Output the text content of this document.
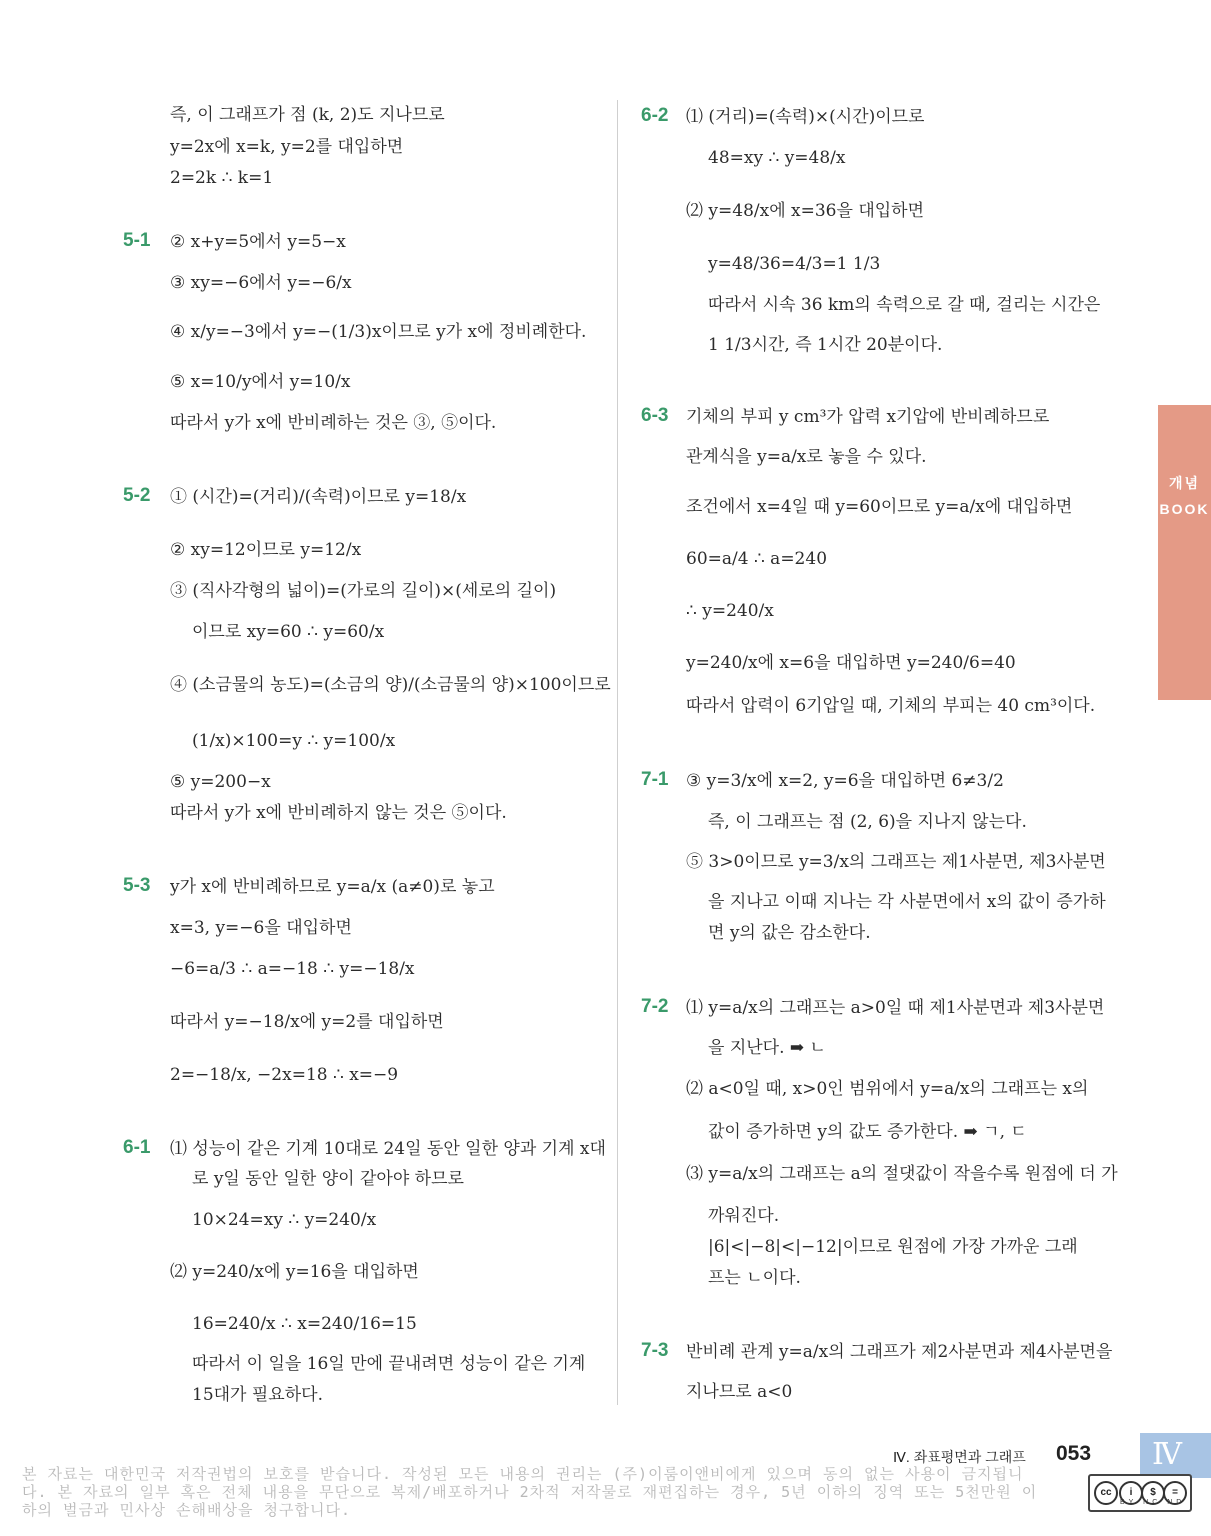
즉, 이 그래프가 점 (k, 2)도 지나므로
y=2x에 x=k, y=2를 대입하면
2=2k ∴ k=1
5-1 ② x+y=5에서 y=5−x
③ xy=−6에서 y=−6/x
④ x/y=−3에서 y=−(1/3)x이므로 y가 x에 정비례한다.
⑤ x=10/y에서 y=10/x
따라서 y가 x에 반비례하는 것은 ③, ⑤이다.
5-2 ① (시간)=(거리)/(속력)이므로 y=18/x
② xy=12이므로 y=12/x
③ (직사각형의 넓이)=(가로의 길이)×(세로의 길이)
이므로 xy=60 ∴ y=60/x
④ (소금물의 농도)=(소금의 양)/(소금물의 양)×100이므로
(1/x)×100=y ∴ y=100/x
⑤ y=200−x
따라서 y가 x에 반비례하지 않는 것은 ⑤이다.
5-3 y가 x에 반비례하므로 y=a/x (a≠0)로 놓고
x=3, y=−6을 대입하면
−6=a/3 ∴ a=−18 ∴ y=−18/x
따라서 y=−18/x에 y=2를 대입하면
2=−18/x, −2x=18 ∴ x=−9
6-1 ⑴ 성능이 같은 기계 10대로 24일 동안 일한 양과 기계 x대
로 y일 동안 일한 양이 같아야 하므로
10×24=xy ∴ y=240/x
⑵ y=240/x에 y=16을 대입하면
16=240/x ∴ x=240/16=15
따라서 이 일을 16일 만에 끝내려면 성능이 같은 기계
15대가 필요하다.
6-2 ⑴ (거리)=(속력)×(시간)이므로
48=xy ∴ y=48/x
⑵ y=48/x에 x=36을 대입하면
y=48/36=4/3=1 1/3
따라서 시속 36 km의 속력으로 갈 때, 걸리는 시간은
1 1/3시간, 즉 1시간 20분이다.
6-3 기체의 부피 y cm³가 압력 x기압에 반비례하므로
관계식을 y=a/x로 놓을 수 있다.
조건에서 x=4일 때 y=60이므로 y=a/x에 대입하면
60=a/4 ∴ a=240
∴ y=240/x
y=240/x에 x=6을 대입하면 y=240/6=40
따라서 압력이 6기압일 때, 기체의 부피는 40 cm³이다.
7-1 ③ y=3/x에 x=2, y=6을 대입하면 6≠3/2
즉, 이 그래프는 점 (2, 6)을 지나지 않는다.
⑤ 3>0이므로 y=3/x의 그래프는 제1사분면, 제3사분면
을 지나고 이때 지나는 각 사분면에서 x의 값이 증가하
면 y의 값은 감소한다.
7-2 ⑴ y=a/x의 그래프는 a>0일 때 제1사분면과 제3사분면
을 지난다. ➡ ㄴ
⑵ a<0일 때, x>0인 범위에서 y=a/x의 그래프는 x의
값이 증가하면 y의 값도 증가한다. ➡ ㄱ, ㄷ
⑶ y=a/x의 그래프는 a의 절댓값이 작을수록 원점에 더 가
까워진다.
|6|<|−8|<|−12|이므로 원점에 가장 가까운 그래
프는 ㄴ이다.
7-3 반비례 관계 y=a/x의 그래프가 제2사분면과 제4사분면을
지나므로 a<0
개념 BOOK
Ⅳ. 좌표평면과 그래프 053 Ⅳ
본 자료는 대한민국 저작권법의 보호를 받습니다. 작성된 모든 내용의 권리는 (주)이룸이앤비에게 있으며 동의 없는 사용이 금지됩니다. 본 자료의 일부 혹은 전체 내용을 무단으로 복제/배포하거나 2차적 저작물로 재편집하는 경우, 5년 이하의 징역 또는 5천만원 이하의 벌금과 민사상 손해배상을 청구합니다.
cc	i	$	=
BY NC ND
